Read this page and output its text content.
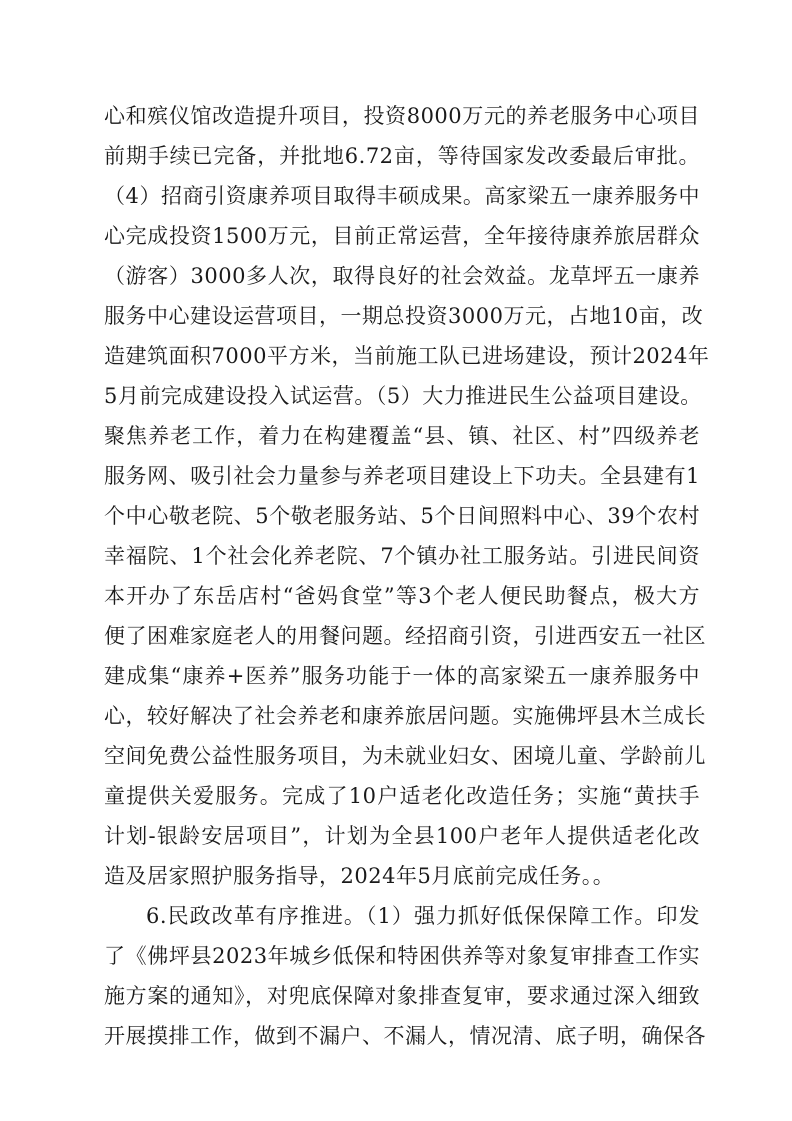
心和殡仪馆改造提升项目，投资8000万元的养老服务中心项目
前期手续已完备，并批地6.72亩，等待国家发改委最后审批。
（4）招商引资康养项目取得丰硕成果。高家梁五一康养服务中
心完成投资1500万元，目前正常运营，全年接待康养旅居群众
（游客）3000多人次，取得良好的社会效益。龙草坪五一康养
服务中心建设运营项目，一期总投资3000万元，占地10亩，改
造建筑面积7000平方米，当前施工队已进场建设，预计2024年
5月前完成建设投入试运营。（5）大力推进民生公益项目建设。
聚焦养老工作，着力在构建覆盖“县、镇、社区、村”四级养老
服务网、吸引社会力量参与养老项目建设上下功夫。全县建有1
个中心敬老院、5个敬老服务站、5个日间照料中心、39个农村
幸福院、1个社会化养老院、7个镇办社工服务站。引进民间资
本开办了东岳店村“爸妈食堂”等3个老人便民助餐点，极大方
便了困难家庭老人的用餐问题。经招商引资，引进西安五一社区
建成集“康养+医养”服务功能于一体的高家梁五一康养服务中
心，较好解决了社会养老和康养旅居问题。实施佛坪县木兰成长
空间免费公益性服务项目，为未就业妇女、困境儿童、学龄前儿
童提供关爱服务。完成了10户适老化改造任务；实施“黄扶手
计划-银龄安居项目”，计划为全县100户老年人提供适老化改
造及居家照护服务指导，2024年5月底前完成任务。。
6.民政改革有序推进。（1）强力抓好低保保障工作。印发
了《佛坪县2023年城乡低保和特困供养等对象复审排查工作实
施方案的通知》，对兜底保障对象排查复审，要求通过深入细致
开展摸排工作，做到不漏户、不漏人，情况清、底子明，确保各
